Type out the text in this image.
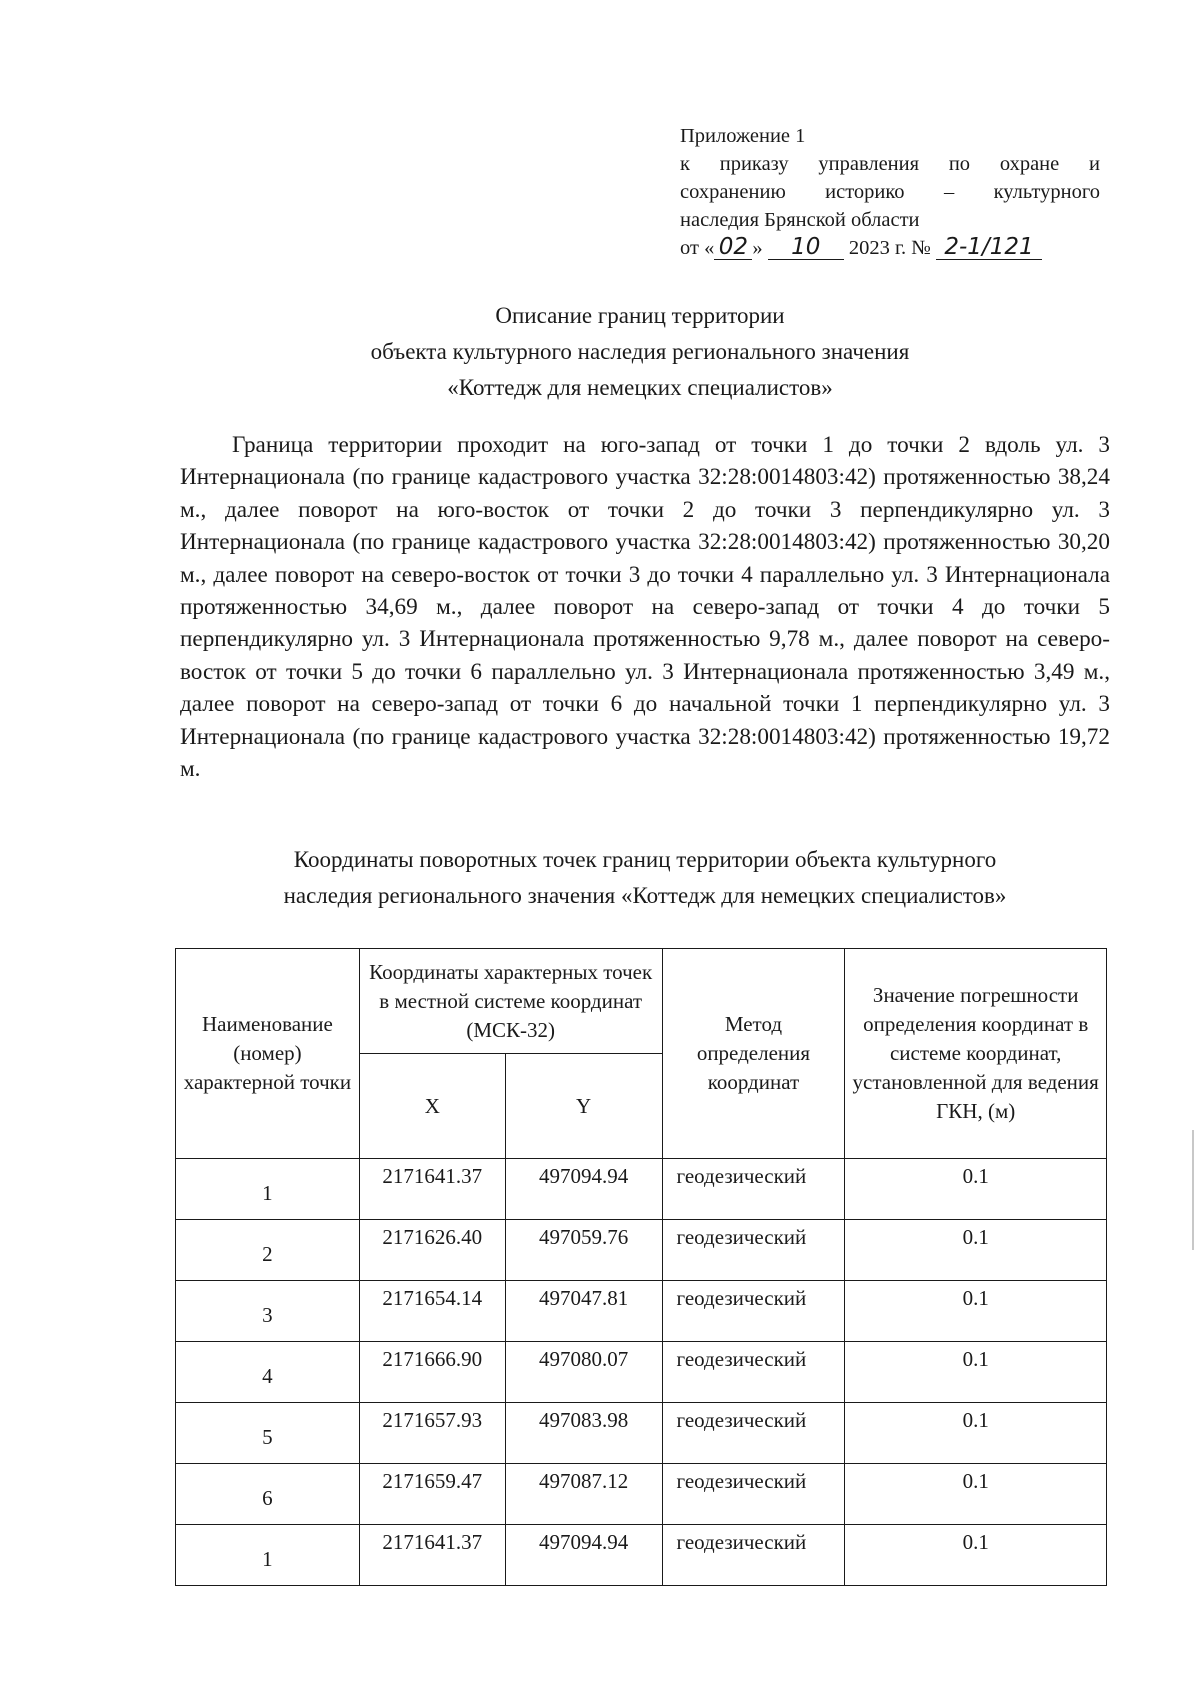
Приложение 1
к приказу управления по охране и
сохранению историко – культурного
наследия Брянской области
от « 02 » 10 2023 г. № 2-1/121
Описание границ территории
объекта культурного наследия регионального значения
«Коттедж для немецких специалистов»
Граница территории проходит на юго-запад от точки 1 до точки 2 вдоль ул. 3 Интернационала (по границе кадастрового участка 32:28:0014803:42) протяженностью 38,24 м., далее поворот на юго-восток от точки 2 до точки 3 перпендикулярно ул. 3 Интернационала (по границе кадастрового участка 32:28:0014803:42) протяженностью 30,20 м., далее поворот на северо-восток от точки 3 до точки 4 параллельно ул. 3 Интернационала протяженностью 34,69 м., далее поворот на северо-запад от точки 4 до точки 5 перпендикулярно ул. 3 Интернационала протяженностью 9,78 м., далее поворот на северо-восток от точки 5 до точки 6 параллельно ул. 3 Интернационала протяженностью 3,49 м., далее поворот на северо-запад от точки 6 до начальной точки 1 перпендикулярно ул. 3 Интернационала (по границе кадастрового участка 32:28:0014803:42) протяженностью 19,72 м.
Координаты поворотных точек границ территории объекта культурного
наследия регионального значения «Коттедж для немецких специалистов»
Наименование (номер) характерной точки	Координаты характерных точек в местной системе координат (МСК-32)		Метод определения координат	Значение погрешности определения координат в системе координат, установленной для ведения ГКН, (м)
	X	Y		
1	2171641.37	497094.94	геодезический	0.1
2	2171626.40	497059.76	геодезический	0.1
3	2171654.14	497047.81	геодезический	0.1
4	2171666.90	497080.07	геодезический	0.1
5	2171657.93	497083.98	геодезический	0.1
6	2171659.47	497087.12	геодезический	0.1
1	2171641.37	497094.94	геодезический	0.1
